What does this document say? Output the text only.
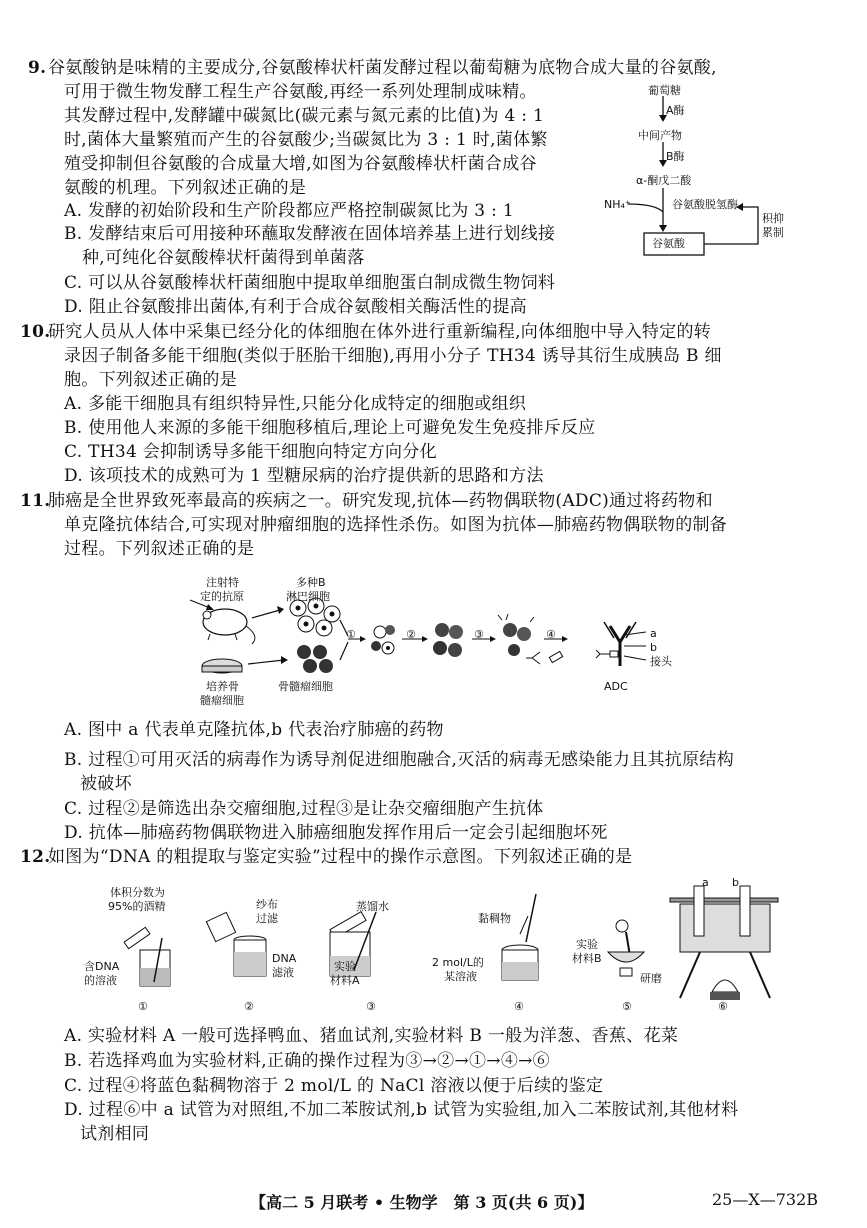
9. 谷氨酸钠是味精的主要成分,谷氨酸棒状杆菌发酵过程以葡萄糖为底物合成大量的谷氨酸,
可用于微生物发酵工程生产谷氨酸,再经一系列处理制成味精。
其发酵过程中,发酵罐中碳氮比(碳元素与氮元素的比值)为 4 : 1
时,菌体大量繁殖而产生的谷氨酸少;当碳氮比为 3 : 1 时,菌体繁
殖受抑制但谷氨酸的合成量大增,如图为谷氨酸棒状杆菌合成谷
氨酸的机理。下列叙述正确的是
A. 发酵的初始阶段和生产阶段都应严格控制碳氮比为 3 : 1
B. 发酵结束后可用接种环蘸取发酵液在固体培养基上进行划线接
种,可纯化谷氨酸棒状杆菌得到单菌落
C. 可以从谷氨酸棒状杆菌细胞中提取单细胞蛋白制成微生物饲料
D. 阻止谷氨酸排出菌体,有利于合成谷氨酸相关酶活性的提高
葡萄糖
A酶
中间产物
B酶
α-酮戊二酸
NH₄⁺	谷氨酸脱氢酶
谷氨酸
积抑
累制
10.
研究人员从人体中采集已经分化的体细胞在体外进行重新编程,向体细胞中导入特定的转
录因子制备多能干细胞(类似于胚胎干细胞),再用小分子 TH34 诱导其衍生成胰岛 B 细
胞。下列叙述正确的是
A. 多能干细胞具有组织特异性,只能分化成特定的细胞或组织
B. 使用他人来源的多能干细胞移植后,理论上可避免发生免疫排斥反应
C. TH34 会抑制诱导多能干细胞向特定方向分化
D. 该项技术的成熟可为 1 型糖尿病的治疗提供新的思路和方法
11.
肺癌是全世界致死率最高的疾病之一。研究发现,抗体—药物偶联物(ADC)通过将药物和
单克隆抗体结合,可实现对肿瘤细胞的选择性杀伤。如图为抗体—肺癌药物偶联物的制备
过程。下列叙述正确的是
注射特
定的抗原
多种B
淋巴细胞
培养骨
髓瘤细胞
骨髓瘤细胞
①	②	③	④	a
b
接头
ADC
A. 图中 a 代表单克隆抗体,b 代表治疗肺癌的药物
B. 过程①可用灭活的病毒作为诱导剂促进细胞融合,灭活的病毒无感染能力且其抗原结构
被破坏
C. 过程②是筛选出杂交瘤细胞,过程③是让杂交瘤细胞产生抗体
D. 抗体—肺癌药物偶联物进入肺癌细胞发挥作用后一定会引起细胞坏死
12.
如图为“DNA 的粗提取与鉴定实验”过程中的操作示意图。下列叙述正确的是
体积分数为
95%的酒精
含DNA
的溶液
①
纱布
过滤
DNA
滤液
②
蒸馏水
实验
材料A
③
黏稠物
2 mol/L的
某溶液
④
实验
材料B
研磨
⑤
a b
⑥
A. 实验材料 A 一般可选择鸭血、猪血试剂,实验材料 B 一般为洋葱、香蕉、花菜
B. 若选择鸡血为实验材料,正确的操作过程为③→②→①→④→⑥
C. 过程④将蓝色黏稠物溶于 2 mol/L 的 NaCl 溶液以便于后续的鉴定
D. 过程⑥中 a 试管为对照组,不加二苯胺试剂,b 试管为实验组,加入二苯胺试剂,其他材料
试剂相同
【高二 5 月联考 • 生物学　第 3 页(共 6 页)】	25—X—732B
